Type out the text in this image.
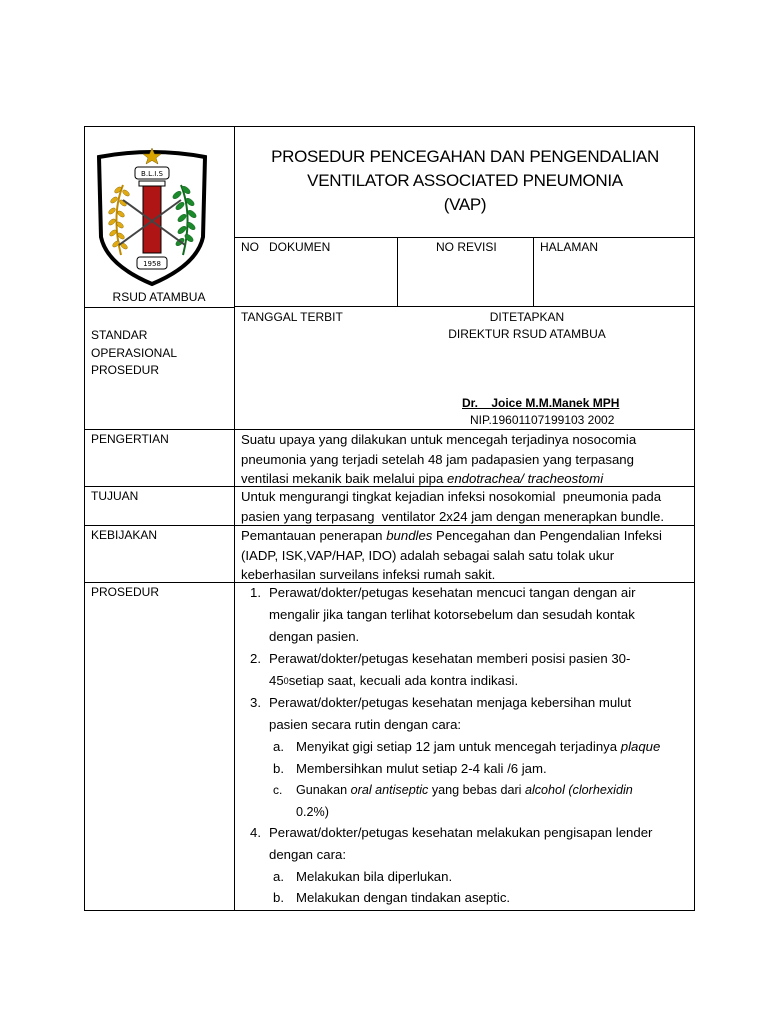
B.L.I.S
1958
RSUD ATAMBUA
PROSEDUR PENCEGAHAN DAN PENGENDALIAN
VENTILATOR ASSOCIATED PNEUMONIA
(VAP)
NO   DOKUMEN	NO REVISI	HALAMAN
STANDAR OPERASIONAL PROSEDUR
TANGGAL TERBIT	DITETAPKAN
DIREKTUR RSUD ATAMBUA
Dr.    Joice M.M.Manek MPH
NIP.19601107199103 2002
PENGERTIAN	Suatu upaya yang dilakukan untuk mencegah terjadinya nosocomia
pneumonia yang terjadi setelah 48 jam padapasien yang terpasang
ventilasi mekanik baik melalui pipa endotrachea/ tracheostomi
TUJUAN	Untuk mengurangi tingkat kejadian infeksi nosokomial  pneumonia pada
pasien yang terpasang  ventilator 2x24 jam dengan menerapkan bundle.
KEBIJAKAN	Pemantauan penerapan bundles Pencegahan dan Pengendalian Infeksi
(IADP, ISK,VAP/HAP, IDO) adalah sebagai salah satu tolak ukur
keberhasilan surveilans infeksi rumah sakit.
PROSEDUR	1. Perawat/dokter/petugas kesehatan mencuci tangan dengan air
mengalir jika tangan terlihat kotorsebelum dan sesudah kontak
dengan pasien.
2. Perawat/dokter/petugas kesehatan memberi posisi pasien 30-
$45^0setiap$ saat, kecuali ada kontra indikasi.
3. Perawat/dokter/petugas kesehatan menjaga kebersihan mulut
pasien secara rutin dengan cara:
a. Menyikat gigi setiap 12 jam untuk mencegah terjadinya plaque
b. Membersihkan mulut setiap 2-4 kali /6 jam.
c. Gunakan oral antiseptic yang bebas dari alcohol (clorhexidin
0.2%)
4. Perawat/dokter/petugas kesehatan melakukan pengisapan lender
dengan cara:
a. Melakukan bila diperlukan.
b. Melakukan dengan tindakan aseptic.
